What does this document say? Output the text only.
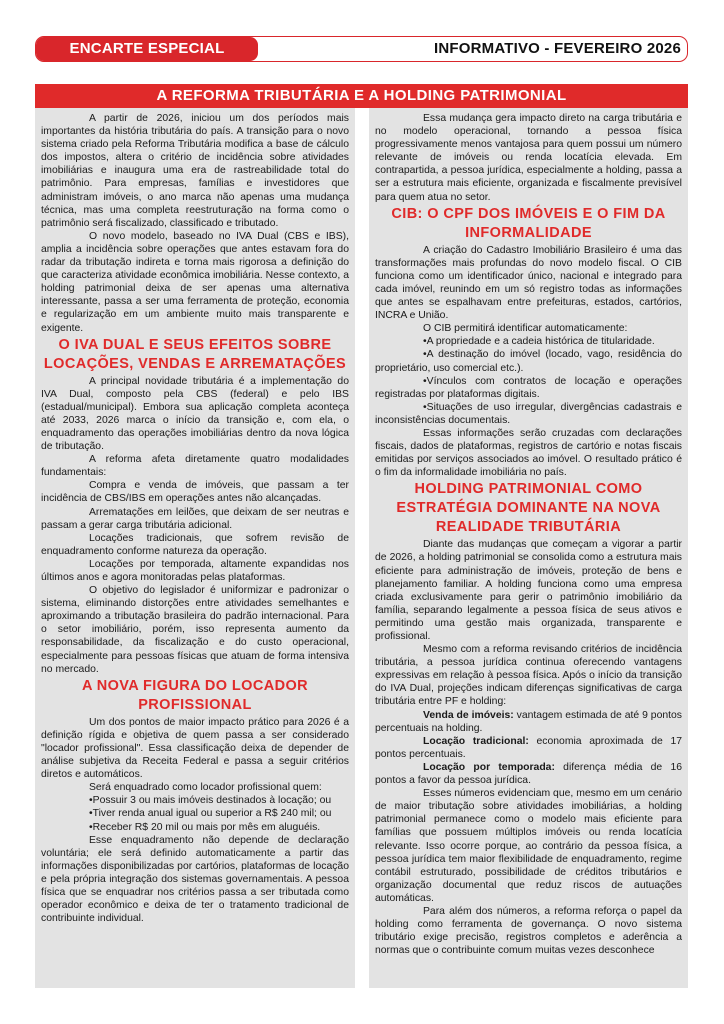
ENCARTE ESPECIAL	INFORMATIVO - FEVEREIRO 2026
A REFORMA TRIBUTÁRIA E A HOLDING PATRIMONIAL

A partir de 2026, iniciou um dos períodos mais importantes da história tributária do país. A transição para o novo sistema criado pela Reforma Tributária modifica a base de cálculo dos impostos, altera o critério de incidência sobre atividades imobiliárias e inaugura uma era de rastreabilidade total do patrimônio. Para empresas, famílias e investidores que administram imóveis, o ano marca não apenas uma mudança técnica, mas uma completa reestruturação na forma como o patrimônio será fiscalizado, classificado e tributado.

O novo modelo, baseado no IVA Dual (CBS e IBS), amplia a incidência sobre operações que antes estavam fora do radar da tributação indireta e torna mais rigorosa a definição do que caracteriza atividade econômica imobiliária. Nesse contexto, a holding patrimonial deixa de ser apenas uma alternativa interessante, passa a ser uma ferramenta de proteção, economia e regularização em um ambiente muito mais transparente e exigente.

O IVA DUAL E SEUS EFEITOS SOBRE LOCAÇÕES, VENDAS E ARREMATAÇÕES

A principal novidade tributária é a implementação do IVA Dual, composto pela CBS (federal) e pelo IBS (estadual/municipal). Embora sua aplicação completa aconteça até 2033, 2026 marca o início da transição e, com ela, o enquadramento das operações imobiliárias dentro da nova lógica de tributação.

A reforma afeta diretamente quatro modalidades fundamentais:

Compra e venda de imóveis, que passam a ter incidência de CBS/IBS em operações antes não alcançadas.

Arrematações em leilões, que deixam de ser neutras e passam a gerar carga tributária adicional.

Locações tradicionais, que sofrem revisão de enquadramento conforme natureza da operação.

Locações por temporada, altamente expandidas nos últimos anos e agora monitoradas pelas plataformas.

O objetivo do legislador é uniformizar e padronizar o sistema, eliminando distorções entre atividades semelhantes e aproximando a tributação brasileira do padrão internacional. Para o setor imobiliário, porém, isso representa aumento da responsabilidade, da fiscalização e do custo operacional, especialmente para pessoas físicas que atuam de forma intensiva no mercado.

A NOVA FIGURA DO LOCADOR PROFISSIONAL

Um dos pontos de maior impacto prático para 2026 é a definição rígida e objetiva de quem passa a ser considerado "locador profissional". Essa classificação deixa de depender de análise subjetiva da Receita Federal e passa a seguir critérios diretos e automáticos.

Será enquadrado como locador profissional quem:

•Possuir 3 ou mais imóveis destinados à locação; ou

•Tiver renda anual igual ou superior a R$ 240 mil; ou

•Receber R$ 20 mil ou mais por mês em aluguéis.

Esse enquadramento não depende de declaração voluntária; ele será definido automaticamente a partir das informações disponibilizadas por cartórios, plataformas de locação e pela própria integração dos sistemas governamentais. A pessoa física que se enquadrar nos critérios passa a ser tributada como operador econômico e deixa de ter o tratamento tradicional de contribuinte individual.

Essa mudança gera impacto direto na carga tributária e no modelo operacional, tornando a pessoa física progressivamente menos vantajosa para quem possui um número relevante de imóveis ou renda locatícia elevada. Em contrapartida, a pessoa jurídica, especialmente a holding, passa a ser a estrutura mais eficiente, organizada e fiscalmente previsível para quem atua no setor.

CIB: O CPF DOS IMÓVEIS E O FIM DA INFORMALIDADE

A criação do Cadastro Imobiliário Brasileiro é uma das transformações mais profundas do novo modelo fiscal. O CIB funciona como um identificador único, nacional e integrado para cada imóvel, reunindo em um só registro todas as informações que antes se espalhavam entre prefeituras, estados, cartórios, INCRA e União.

O CIB permitirá identificar automaticamente:

•A propriedade e a cadeia histórica de titularidade.

•A destinação do imóvel (locado, vago, residência do proprietário, uso comercial etc.).

•Vínculos com contratos de locação e operações registradas por plataformas digitais.

•Situações de uso irregular, divergências cadastrais e inconsistências documentais.

Essas informações serão cruzadas com declarações fiscais, dados de plataformas, registros de cartório e notas fiscais emitidas por serviços associados ao imóvel. O resultado prático é o fim da informalidade imobiliária no país.

HOLDING PATRIMONIAL COMO ESTRATÉGIA DOMINANTE NA NOVA REALIDADE TRIBUTÁRIA

Diante das mudanças que começam a vigorar a partir de 2026, a holding patrimonial se consolida como a estrutura mais eficiente para administração de imóveis, proteção de bens e planejamento familiar. A holding funciona como uma empresa criada exclusivamente para gerir o patrimônio imobiliário da família, separando legalmente a pessoa física de seus ativos e permitindo uma gestão mais organizada, transparente e profissional.

Mesmo com a reforma revisando critérios de incidência tributária, a pessoa jurídica continua oferecendo vantagens expressivas em relação à pessoa física. Após o início da transição do IVA Dual, projeções indicam diferenças significativas de carga tributária entre PF e holding:

Venda de imóveis: vantagem estimada de até 9 pontos percentuais na holding.

Locação tradicional: economia aproximada de 17 pontos percentuais.

Locação por temporada: diferença média de 16 pontos a favor da pessoa jurídica.

Esses números evidenciam que, mesmo em um cenário de maior tributação sobre atividades imobiliárias, a holding patrimonial permanece como o modelo mais eficiente para famílias que possuem múltiplos imóveis ou renda locatícia relevante. Isso ocorre porque, ao contrário da pessoa física, a pessoa jurídica tem maior flexibilidade de enquadramento, regime contábil estruturado, possibilidade de créditos tributários e organização documental que reduz riscos de autuações automáticas.

Para além dos números, a reforma reforça o papel da holding como ferramenta de governança. O novo sistema tributário exige precisão, registros completos e aderência a normas que o contribuinte comum muitas vezes desconhece
